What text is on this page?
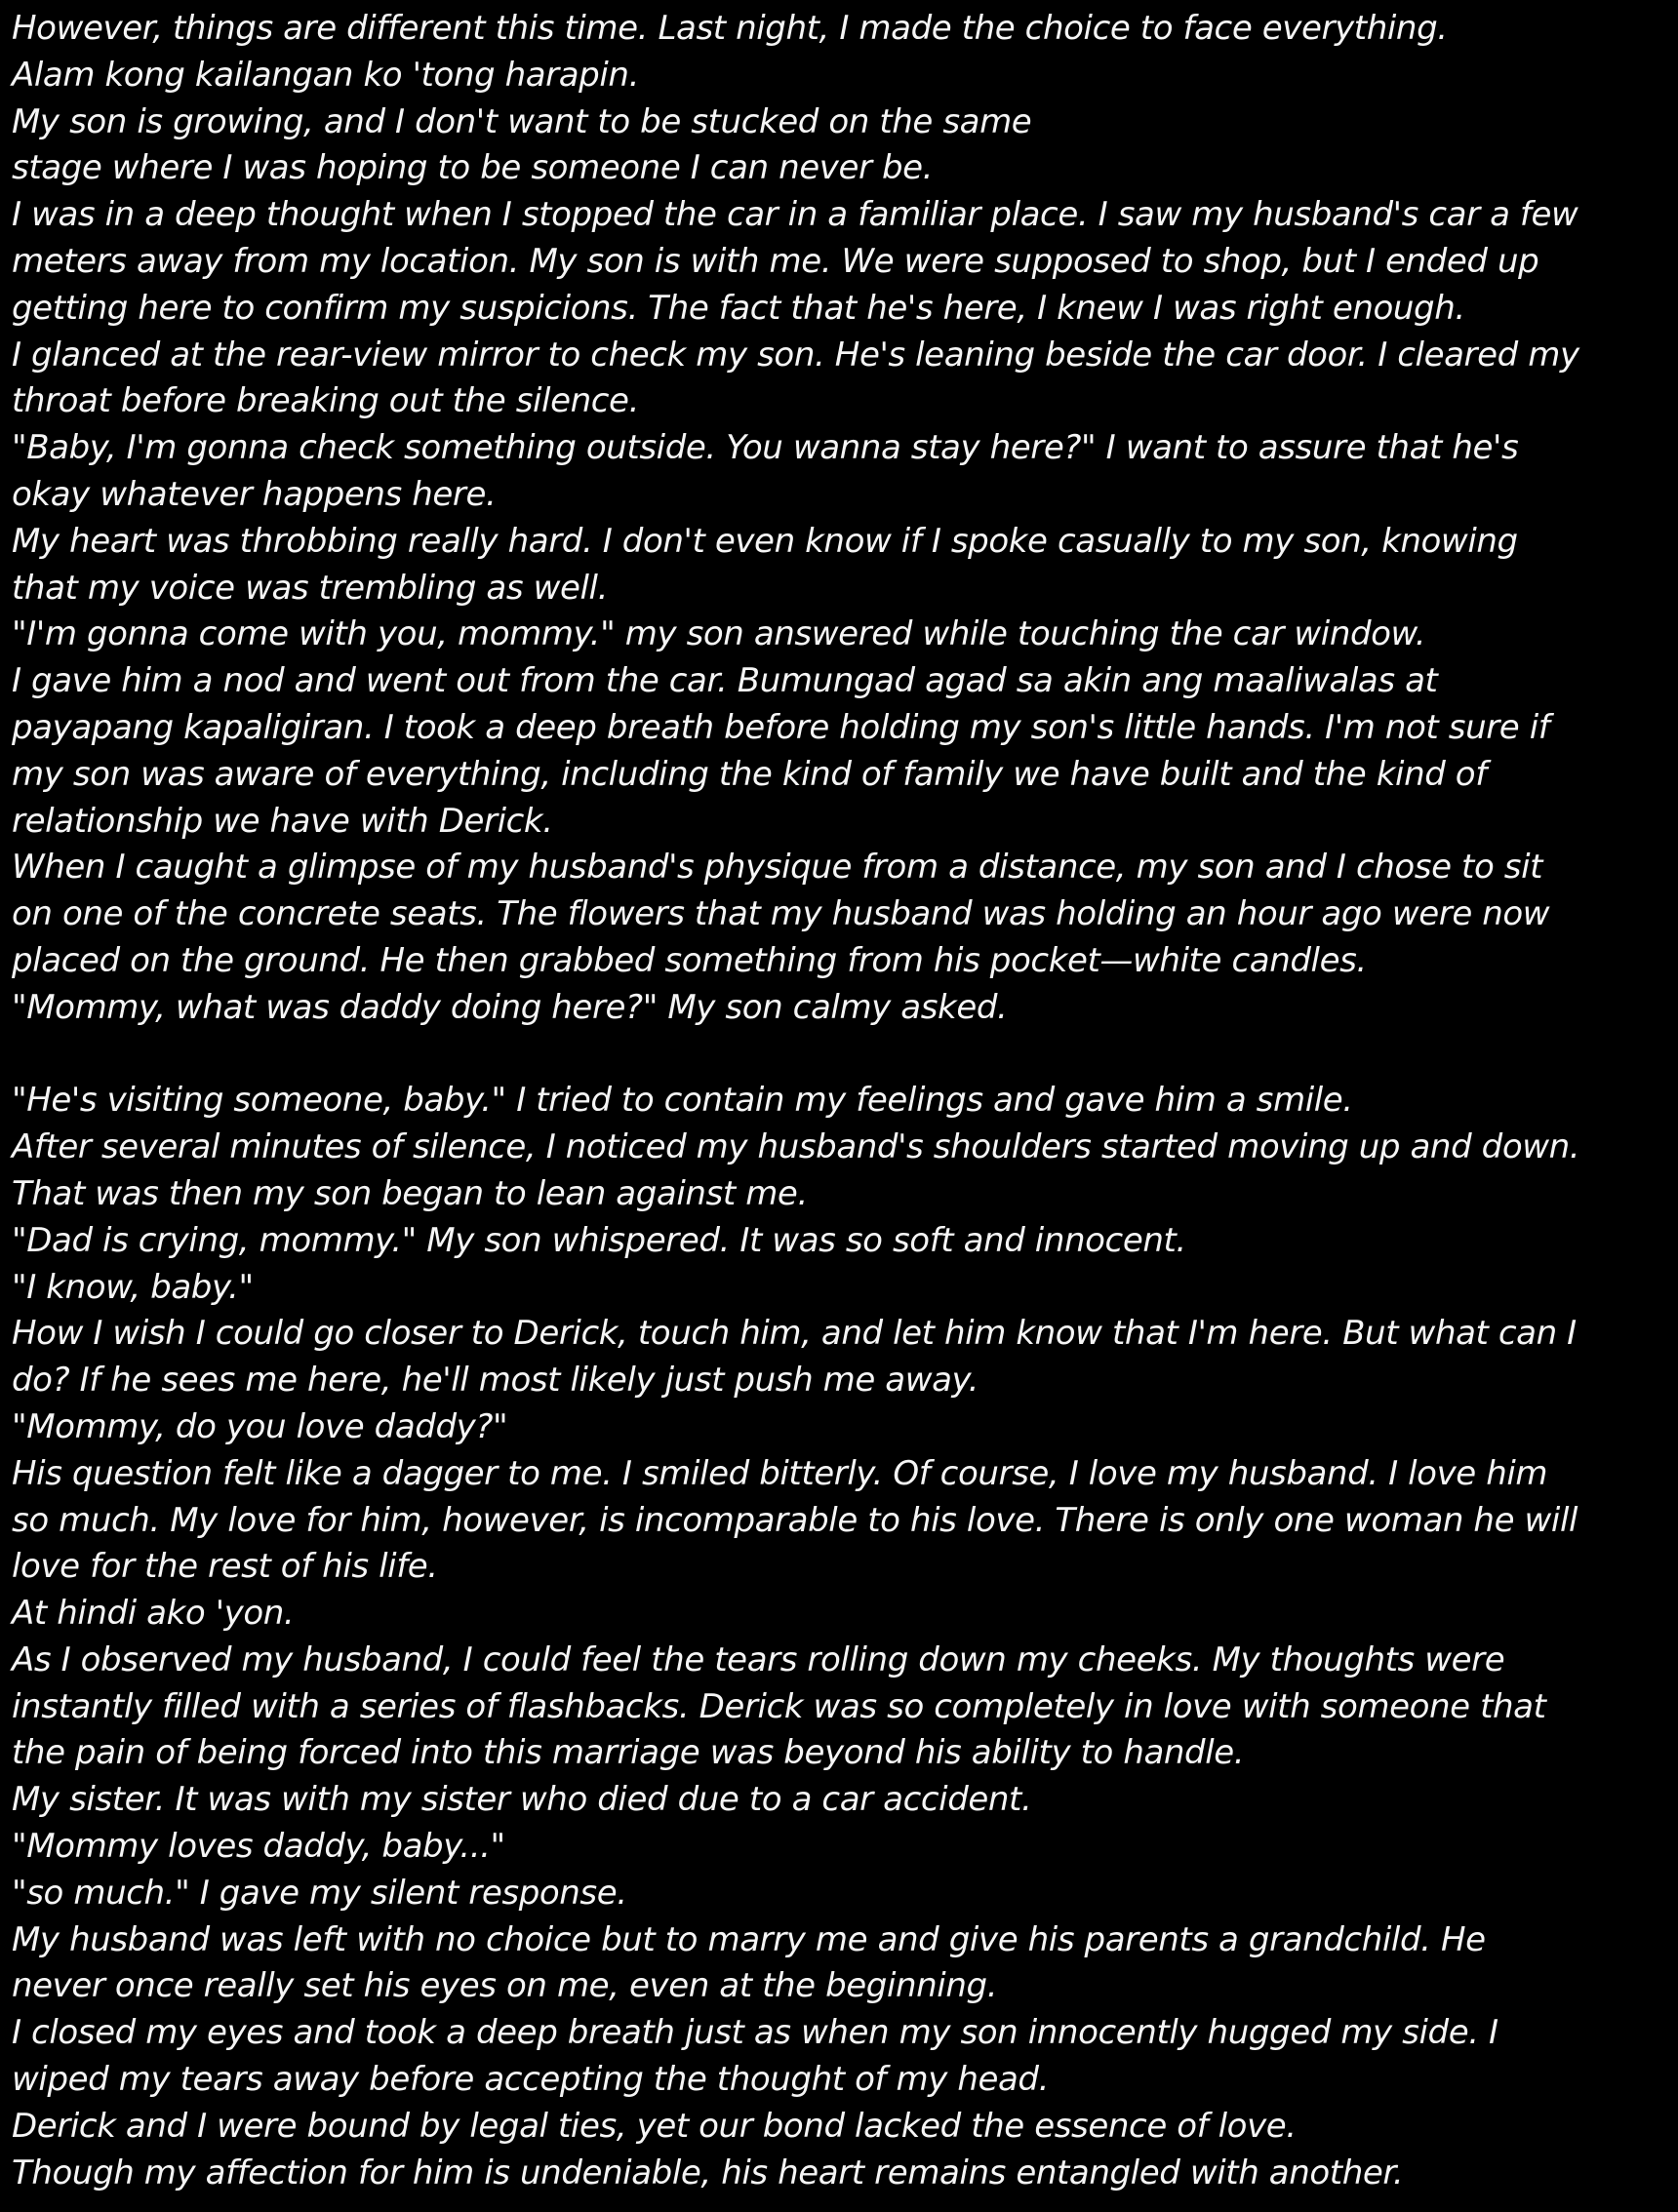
However, things are different this time. Last night, I made the choice to face everything.

Alam kong kailangan ko 'tong harapin.

My son is growing, and I don't want to be stucked on the same

stage where I was hoping to be someone I can never be.

I was in a deep thought when I stopped the car in a familiar place. I saw my husband's car a few

meters away from my location. My son is with me. We were supposed to shop, but I ended up

getting here to confirm my suspicions. The fact that he's here, I knew I was right enough.

I glanced at the rear-view mirror to check my son. He's leaning beside the car door. I cleared my

throat before breaking out the silence.

"Baby, I'm gonna check something outside. You wanna stay here?" I want to assure that he's

okay whatever happens here.

My heart was throbbing really hard. I don't even know if I spoke casually to my son, knowing

that my voice was trembling as well.

"I'm gonna come with you, mommy." my son answered while touching the car window.

I gave him a nod and went out from the car. Bumungad agad sa akin ang maaliwalas at

payapang kapaligiran. I took a deep breath before holding my son's little hands. I'm not sure if

my son was aware of everything, including the kind of family we have built and the kind of

relationship we have with Derick.

When I caught a glimpse of my husband's physique from a distance, my son and I chose to sit

on one of the concrete seats. The flowers that my husband was holding an hour ago were now

placed on the ground. He then grabbed something from his pocket—white candles.

"Mommy, what was daddy doing here?" My son calmy asked.

"He's visiting someone, baby." I tried to contain my feelings and gave him a smile.

After several minutes of silence, I noticed my husband's shoulders started moving up and down.

That was then my son began to lean against me.

"Dad is crying, mommy." My son whispered. It was so soft and innocent.

"I know, baby."

How I wish I could go closer to Derick, touch him, and let him know that I'm here. But what can I

do? If he sees me here, he'll most likely just push me away.

"Mommy, do you love daddy?"

His question felt like a dagger to me. I smiled bitterly. Of course, I love my husband. I love him

so much. My love for him, however, is incomparable to his love. There is only one woman he will

love for the rest of his life.

At hindi ako 'yon.

As I observed my husband, I could feel the tears rolling down my cheeks. My thoughts were

instantly filled with a series of flashbacks. Derick was so completely in love with someone that

the pain of being forced into this marriage was beyond his ability to handle.

My sister. It was with my sister who died due to a car accident.

"Mommy loves daddy, baby..."

"so much." I gave my silent response.

My husband was left with no choice but to marry me and give his parents a grandchild. He

never once really set his eyes on me, even at the beginning.

I closed my eyes and took a deep breath just as when my son innocently hugged my side. I

wiped my tears away before accepting the thought of my head.

Derick and I were bound by legal ties, yet our bond lacked the essence of love.

Though my affection for him is undeniable, his heart remains entangled with another.
